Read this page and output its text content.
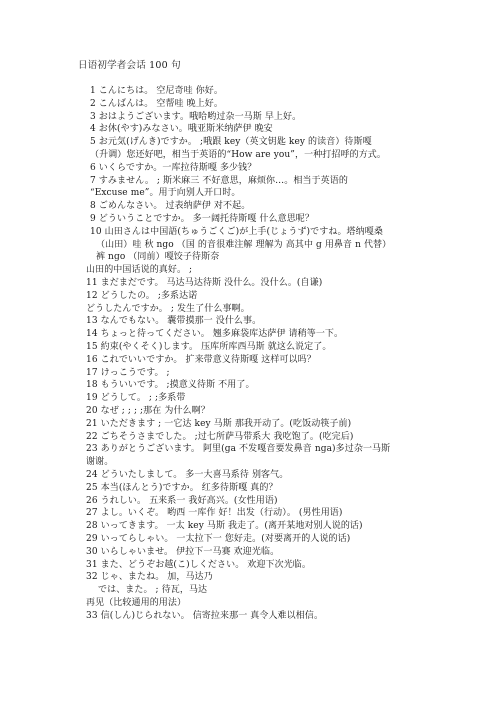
日语初学者会话 100 句
1 こんにちは。 空尼奇哇 你好。
2 こんばんは。 空帮哇 晚上好。
3 おはようございます。哦哈哟过杂一马斯 早上好。
4 お休(やす)みなさい。哦亚斯米纳萨伊 晚安
5 お元気(げんき)ですか。 ;哦跟 key（英文钥匙 key 的读音）待斯嘎
（升调）您还好吧，相当于英语的“How are you”，一种打招呼的方式。
6 いくらですか。一库拉待斯嘎 多少钱？
7 すみません。 ; 斯米麻三 不好意思，麻烦你…。相当于英语的
“Excuse me”。用于向别人开口时。
8 ごめんなさい。 过表纳萨伊 对不起。
9 どういうことですか。 多一阔托待斯嘎 什么意思呢？
10 山田さんは中国語(ちゅうごくご)が上手(じょうず)ですね。塔纳嘎桑
（山田）哇 秋 ngo （国 的音很难注解 理解为 高其中 g 用鼻音 n 代替）
裤 ngo （同前）嘎饺子待斯奈
山田的中国话说的真好。 ;
11 まだまだです。 马达马达待斯 没什么。没什么。(自谦)
12 どうしたの。 ;多系达诺
どうしたんですか。 ; 发生了什么事啊。
13 なんでもない。 囊带摸那一 没什么事。
14 ちょっと待ってください。 翘多麻袋库达萨伊 请稍等一下。
15 約束(やくそく)します。 压库所库西马斯 就这么说定了。
16 これでいいですか。 扩来带意义待斯嘎 这样可以吗？
17 けっこうです。 ;
18 もういいです。 ;摸意义待斯 不用了。
19 どうして。 ; ;多系带
20 なぜ ; ; ; ;那在 为什么啊？
21 いただきます ; 一它达 key 马斯 那我开动了。(吃饭动筷子前)
22 ごちそうさまでした。 ;过七所萨马带系大 我吃饱了。(吃完后)
23 ありがとうございます。 阿里(ga 不发嘎音要发鼻音 nga)多过杂一马斯
谢谢。
24 どういたしまして。 多一大喜马系待 别客气。
25 本当(ほんとう)ですか。 红多待斯嘎 真的？
26 うれしい。 五来系一 我好高兴。(女性用语)
27 よし。いくぞ。 哟西 一库作 好！出发（行动）。 (男性用语)
28 いってきます。 一太 key 马斯 我走了。(离开某地对别人说的话)
29 いってらしゃい。 一太拉下一 您好走。(对要离开的人说的话)
30 いらしゃいませ。 伊拉下一马赛 欢迎光临。
31 また、どうぞお越(こ)しください。 欢迎下次光临。
32 じゃ、またね。 加，马达乃
では、また。 ; 待瓦，马达
再见（比较通用的用法）
33 信(しん)じられない。 信寄拉来那一 真令人难以相信。
